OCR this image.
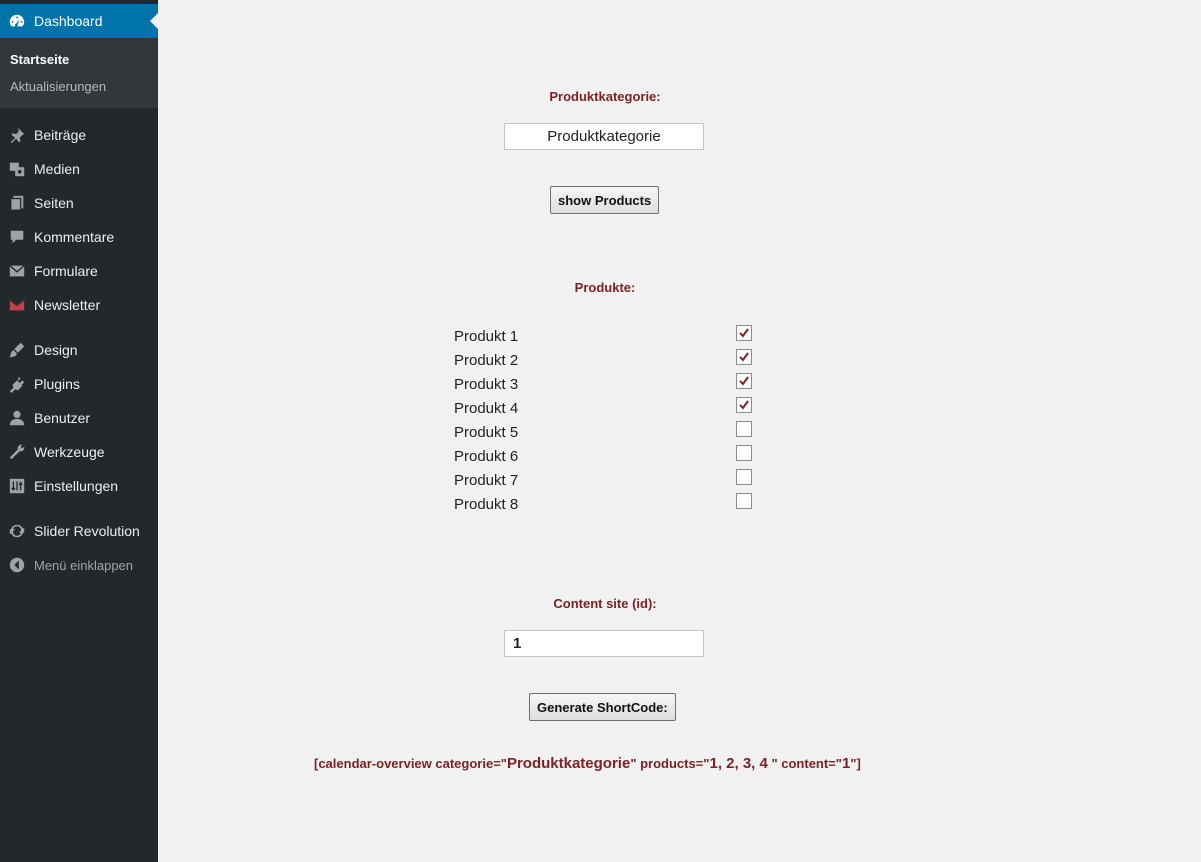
Dashboard
Startseite
Aktualisierungen
Beiträge
Medien
Seiten
Kommentare
Formulare
Newsletter
Design
Plugins
Benutzer
Werkzeuge
Einstellungen
Slider Revolution
Menü einklappen
Produktkategorie:
Produktkategorie
show Products
Produkte:
Produkt 1
Produkt 2
Produkt 3
Produkt 4
Produkt 5
Produkt 6
Produkt 7
Produkt 8
Content site (id):
1
Generate ShortCode:
[calendar-overview categorie="Produktkategorie" products="1, 2, 3, 4 " content="1"]
